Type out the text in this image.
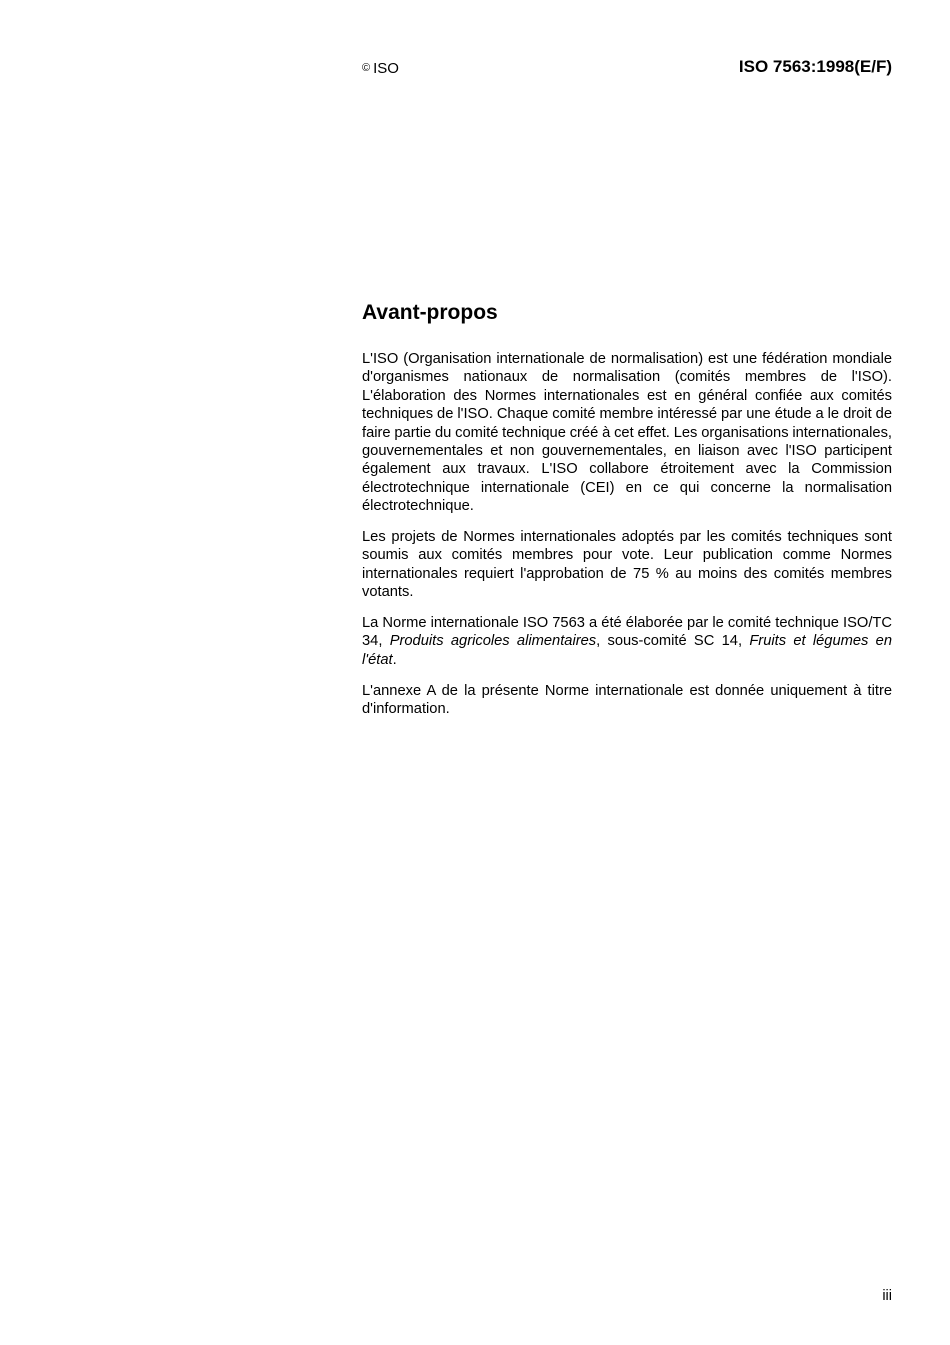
© ISO	ISO 7563:1998(E/F)
Avant-propos

L'ISO (Organisation internationale de normalisation) est une fédération mondiale d'organismes nationaux de normalisation (comités membres de l'ISO). L'élaboration des Normes internationales est en général confiée aux comités techniques de l'ISO. Chaque comité membre intéressé par une étude a le droit de faire partie du comité technique créé à cet effet. Les organisations internationales, gouvernementales et non gouvernementales, en liaison avec l'ISO participent également aux travaux. L'ISO collabore étroitement avec la Commission électrotechnique internationale (CEI) en ce qui concerne la normalisation électrotechnique.

Les projets de Normes internationales adoptés par les comités techniques sont soumis aux comités membres pour vote. Leur publication comme Normes internationales requiert l'approbation de 75 % au moins des comités membres votants.

La Norme internationale ISO 7563 a été élaborée par le comité technique ISO/TC 34, Produits agricoles alimentaires, sous-comité SC 14, Fruits et légumes en l'état.

L'annexe A de la présente Norme internationale est donnée uniquement à titre d'information.

iii
